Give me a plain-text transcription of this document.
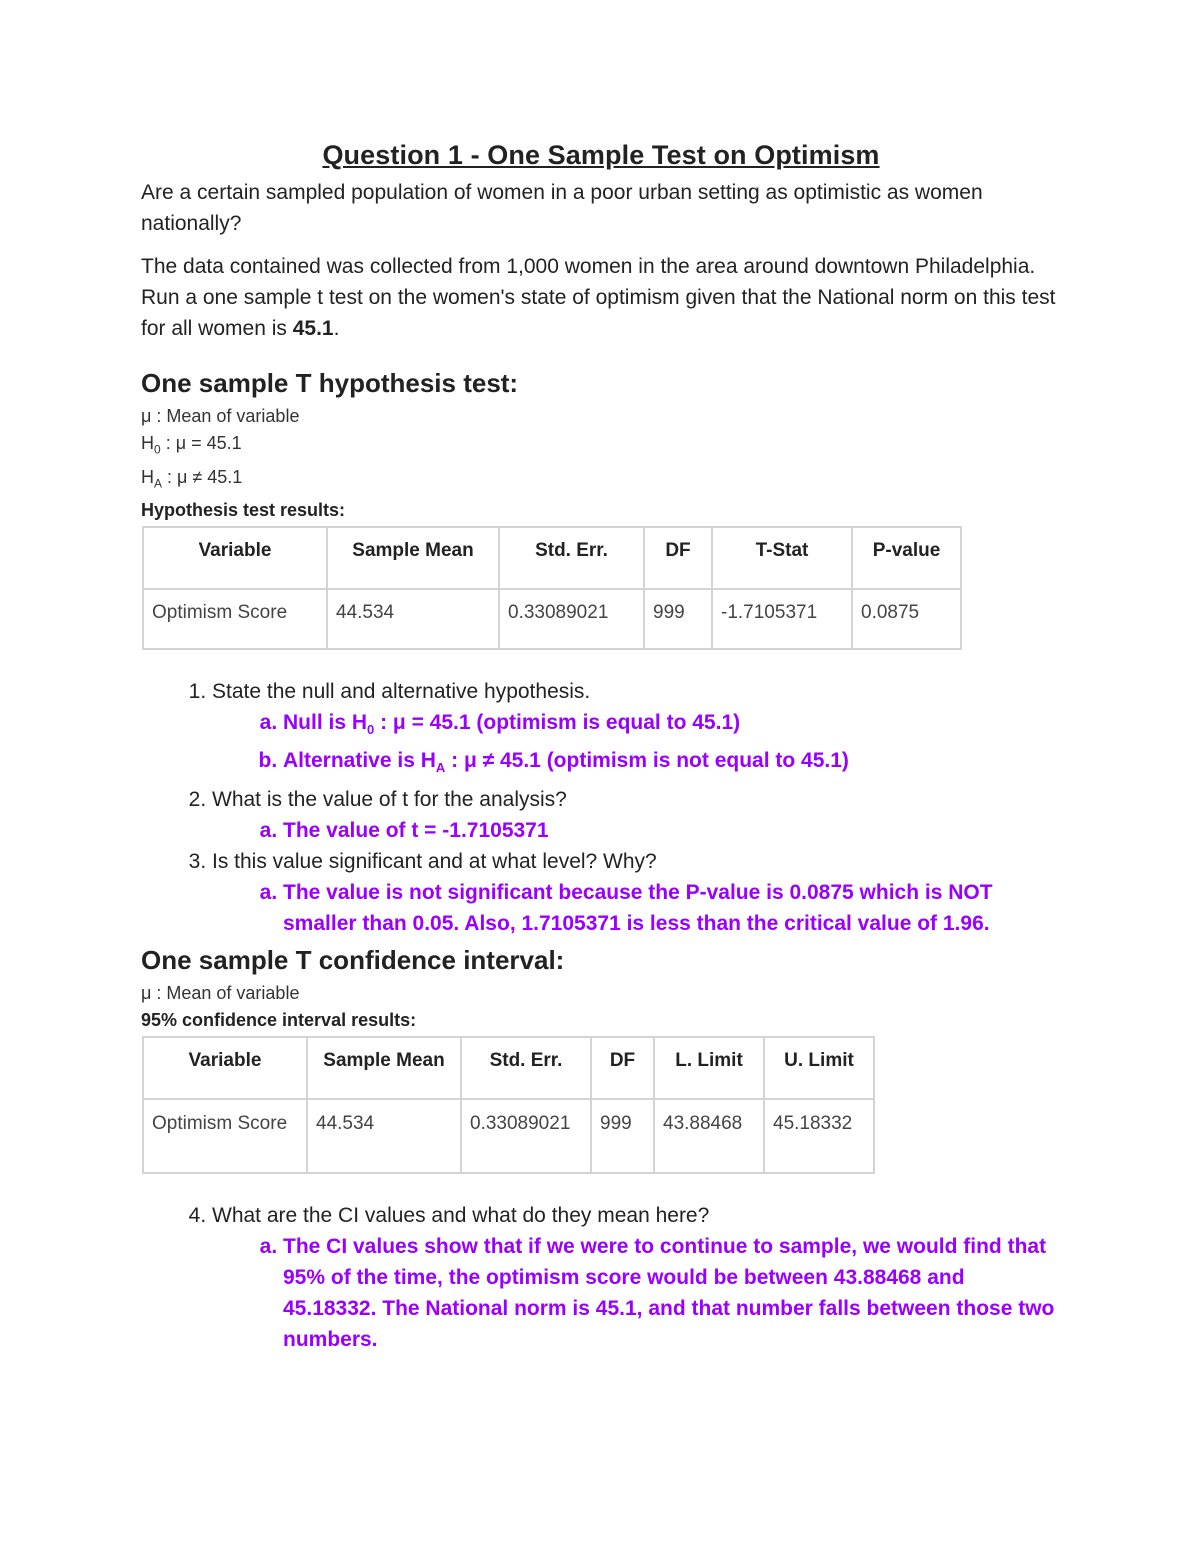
Question 1 - One Sample Test on Optimism

Are a certain sampled population of women in a poor urban setting as optimistic as women nationally?

The data contained was collected from 1,000 women in the area around downtown Philadelphia. Run a one sample t test on the women's state of optimism given that the National norm on this test for all women is 45.1.

One sample T hypothesis test:
μ : Mean of variable
$H_0$ : μ = 45.1
$H_A$ : μ ≠ 45.1
Hypothesis test results:
Variable	Sample Mean	Std. Err.	DF	T-Stat	P-value
Optimism Score	44.534	0.33089021	999	-1.7105371	0.0875
1. State the null and alternative hypothesis.
a. Null is $H_0$ : μ = 45.1 (optimism is equal to 45.1)
b. Alternative is $H_A$ : μ ≠ 45.1 (optimism is not equal to 45.1)
2. What is the value of t for the analysis?
a. The value of t = -1.7105371
3. Is this value significant and at what level? Why?
a. The value is not significant because the P-value is 0.0875 which is NOT smaller than 0.05. Also, 1.7105371 is less than the critical value of 1.96.
One sample T confidence interval:
μ : Mean of variable
95% confidence interval results:
Variable	Sample Mean	Std. Err.	DF	L. Limit	U. Limit
Optimism Score	44.534	0.33089021	999	43.88468	45.18332
4. What are the CI values and what do they mean here?
a. The CI values show that if we were to continue to sample, we would find that 95% of the time, the optimism score would be between 43.88468 and 45.18332. The National norm is 45.1, and that number falls between those two numbers.
